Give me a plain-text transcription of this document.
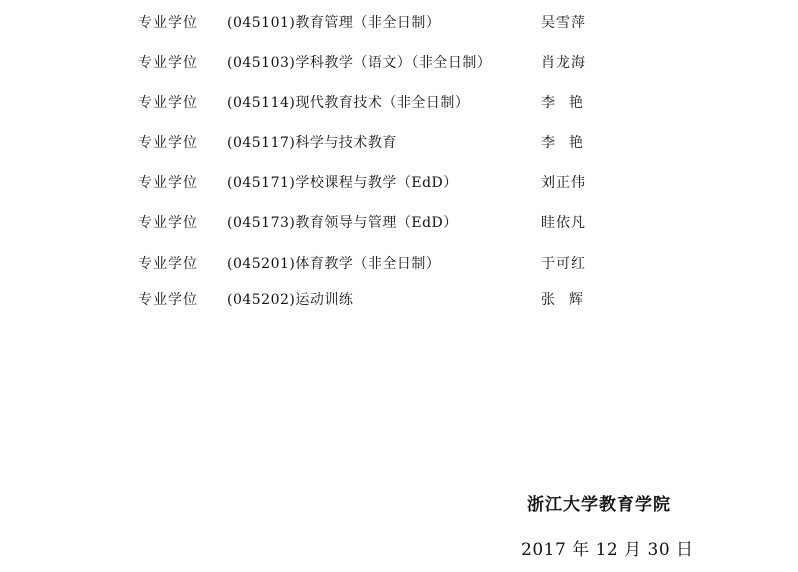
专业学位 (045101)教育管理（非全日制）	吴雪萍
专业学位 (045103)学科教学（语文）（非全日制）	肖龙海
专业学位 (045114)现代教育技术（非全日制）	李艳
专业学位 (045117)科学与技术教育	李艳
专业学位 (045171)学校课程与教学（EdD）	刘正伟
专业学位 (045173)教育领导与管理（EdD）	眭依凡
专业学位 (045201)体育教学（非全日制）	于可红
专业学位 (045202)运动训练	张辉
浙江大学教育学院
2017 年 12 月 30 日
